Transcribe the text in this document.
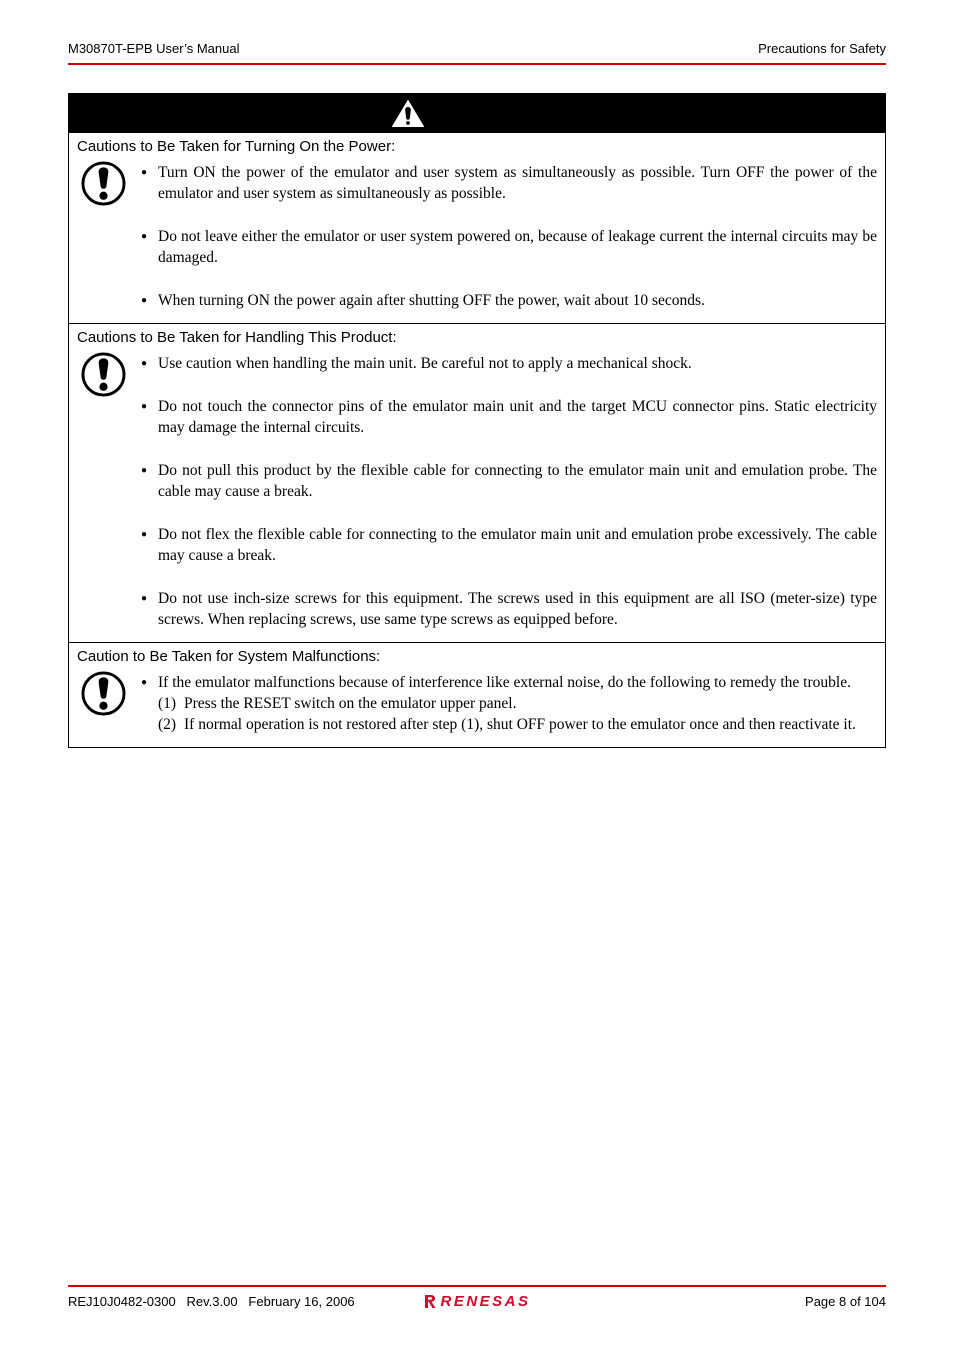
M30870T-EPB User’s Manual	Precautions for Safety
Cautions to Be Taken for Turning On the Power:
● Turn ON the power of the emulator and user system as simultaneously as possible. Turn OFF the power of the emulator and user system as simultaneously as possible.
● Do not leave either the emulator or user system powered on, because of leakage current the internal circuits may be damaged.
● When turning ON the power again after shutting OFF the power, wait about 10 seconds.
Cautions to Be Taken for Handling This Product:
● Use caution when handling the main unit. Be careful not to apply a mechanical shock.
● Do not touch the connector pins of the emulator main unit and the target MCU connector pins. Static electricity may damage the internal circuits.
● Do not pull this product by the flexible cable for connecting to the emulator main unit and emulation probe. The cable may cause a break.
● Do not flex the flexible cable for connecting to the emulator main unit and emulation probe excessively. The cable may cause a break.
● Do not use inch-size screws for this equipment. The screws used in this equipment are all ISO (meter-size) type screws. When replacing screws, use same type screws as equipped before.
Caution to Be Taken for System Malfunctions:
● If the emulator malfunctions because of interference like external noise, do the following to remedy the trouble.
(1) Press the RESET switch on the emulator upper panel.
(2) If normal operation is not restored after step (1), shut OFF power to the emulator once and then reactivate it.
REJ10J0482-0300   Rev.3.00   February 16, 2006	RENESAS	Page 8 of 104
